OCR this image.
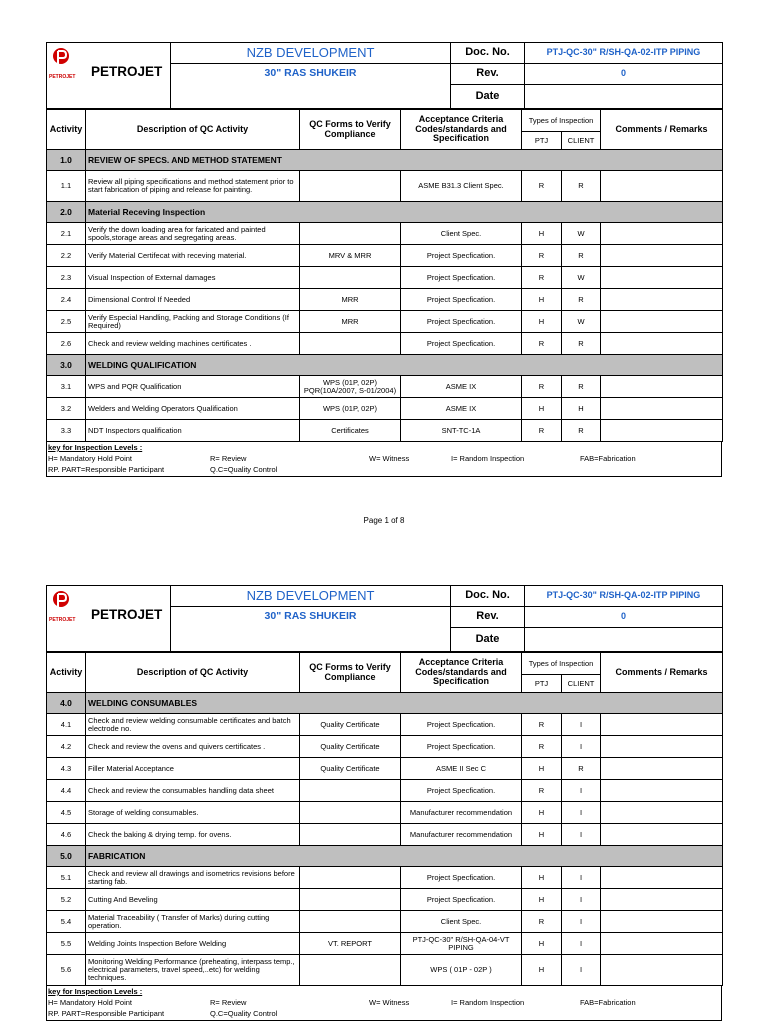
PETROJET PETROJET	NZB DEVELOPMENT	Doc. No.	PTJ-QC-30" R/SH-QA-02-ITP PIPING
	30" RAS SHUKEIR	Rev.	0
		Date	
Activity	Description of QC Activity	QC Forms to Verify Compliance	Acceptance Criteria Codes/standards and Specification	Types of Inspection		Comments / Remarks
				PTJ	CLIENT	
1.0	REVIEW OF SPECS. AND METHOD STATEMENT					
1.1	Review all piping specifications and method statement prior to start fabrication of piping and release for painting.		ASME B31.3 Client Spec.	R	R	
2.0	Material Receving Inspection					
2.1	Verify the down loading area for faricated and painted spools,storage areas and segregating areas.		Client Spec.	H	W	
2.2	Verify Material Certifecat with receving material.	MRV & MRR	Project Specfication.	R	R	
2.3	Visual Inspection of External damages		Project Specfication.	R	W	
2.4	Dimensional Control If Needed	MRR	Project Specfication.	H	R	
2.5	Verify Especial Handling, Packing and Storage Conditions (If Required)	MRR	Project Specfication.	H	W	
2.6	Check and review welding machines certificates .		Project Specfication.	R	R	
3.0	WELDING QUALIFICATION					
3.1	WPS and PQR Qualification	WPS (01P, 02P) PQR(10A/2007, S-01/2004)	ASME IX	R	R	
3.2	Welders and Welding Operators Qualification	WPS (01P, 02P)	ASME IX	H	H	
3.3	NDT Inspectors qualification	Certificates	SNT-TC-1A	R	R	
key for Inspection Levels :
H= Mandatory Hold Point	R= Review	W= Witness	I= Random Inspection	FAB=Fabrication
RP. PART=Responsible Participant	Q.C=Quality Control
Page 1 of 8
PETROJET PETROJET	NZB DEVELOPMENT	Doc. No.	PTJ-QC-30" R/SH-QA-02-ITP PIPING
	30" RAS SHUKEIR	Rev.	0
		Date	
Activity	Description of QC Activity	QC Forms to Verify Compliance	Acceptance Criteria Codes/standards and Specification	Types of Inspection		Comments / Remarks
				PTJ	CLIENT	
4.0	WELDING CONSUMABLES					
4.1	Check and review welding consumable certificates and batch electrode no.	Quality Certificate	Project Specfication.	R	I	
4.2	Check and review the ovens and quivers certificates .	Quality Certificate	Project Specfication.	R	I	
4.3	Filler Material Acceptance	Quality Certificate	ASME II Sec C	H	R	
4.4	Check and review the consumables handling data sheet		Project Specfication.	R	I	
4.5	Storage of welding consumables.		Manufacturer recommendation	H	I	
4.6	Check the baking & drying temp. for ovens.		Manufacturer recommendation	H	I	
5.0	FABRICATION					
5.1	Check and review all drawings and isometrics revisions before starting fab.		Project Specfication.	H	I	
5.2	Cutting And Beveling		Project Specfication.	H	I	
5.4	Material Traceability ( Transfer of Marks) during cutting operation.		Client Spec.	R	I	
5.5	Welding Joints Inspection Before Welding	VT. REPORT	PTJ-QC-30" R/SH-QA-04-VT PIPING	H	I	
5.6	Monitoring Welding Performance (preheating, interpass temp., electrical parameters, travel speed,..etc) for welding techniques.		WPS ( 01P - 02P )	H	I	
key for Inspection Levels :
H= Mandatory Hold Point	R= Review	W= Witness	I= Random Inspection	FAB=Fabrication
RP. PART=Responsible Participant	Q.C=Quality Control
